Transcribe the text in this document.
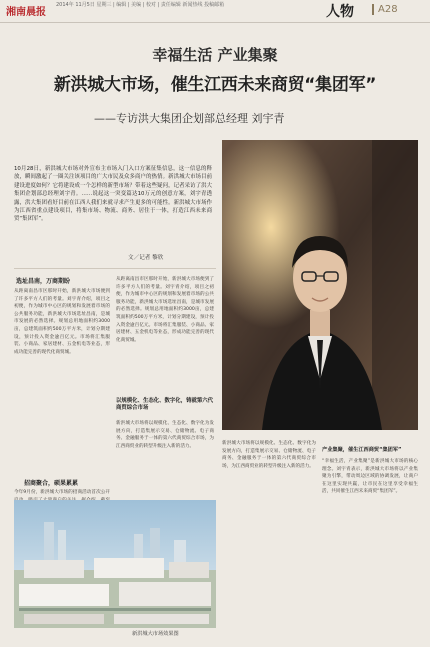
湘南晨报
2014年 11月5日 星期三 | 编辑 | 美编 | 校对 | 责任编辑 新闻热线 投稿邮箱	人物	A28
幸福生活 产业集聚
新洪城大市场，催生江西未来商贸“集团军”
——专访洪大集团企划部总经理 刘宇青
10月28日，新洪城大市场对外宣布主市场入门入口方案征集信息，这一信息的释放，瞬间激起了一圈关注该项目的广大市民及众多商户的热情。新洪城大市场目前建设进度如何？它将建设成一个怎样的新型市场？带着这些疑问，记者采访了洪大集团企划部总经理刘宇青。……说起这一突变篇达10万元的创意方案，刘宇青透露，洪大集团看好目前在江西人我们来就寻求产生更多的可能性。新洪城大市场作为江西省重点建设项目，将集市场、物流、商务、居住于一体，打造江西未来商贸“集团军”。
文／记者 黎欣
选址昌南，万商期盼
从距离南昌市区那时开始，新洪城大市场便到了许多平方人们的考量。刘宇青介绍，项目之初便，作为城市中心区的规划和发展着市场的公共服务功能，新洪城大市场选址昌南，是城市发展的必然选择。规划总用地面积约3000亩，总建筑面积约500万平方米，计划分期建设，预计投入资金逾百亿元。市场将汇集服装、小商品、家居建材、五金机电等业态，形成功能完善的现代化商贸城。
招商聚合，硕果累累
今年9月份，新洪城大市场的招商活动首次公开
从距离南昌市区那时开始，新洪城大市场便到了许多平方人们的考量。刘宇青介绍，项目之初便，作为城市中心区的规划和发展着市场的公共服务功能，新洪城大市场选址昌南，是城市发展的必然选择。规划总用地面积约3000亩，总建筑面积约500万平方米，计划分期建设，预计投入资金逾百亿元。市场将汇集服装、小商品、家居建材、五金机电等业态，形成功能完善的现代化商贸城。
以规模化、生态化、数字化，铸就第六代商贸综合市场
新洪城大市场将以规模化、生态化、数字化为发展方向，打造集展示交易、仓储物流、电子商务、金融服务于一体的第六代商贸综合市场，为江西商贸业的转型升级注入新的活力。
新洪城大市场将以规模化、生态化、数字化为发展方向，打造集展示交易、仓储物流、电子商务、金融服务于一体的第六代商贸综合市场，为江西商贸业的转型升级注入新的活力。
产业集聚，催生江西商贸“集团军”
“幸福生活，产业集聚”是新洪城大市场的核心理念。刘宇青表示，新洪城大市场将以产业集聚为引擎，带动周边区域的协调发展，让商户在这里实现共赢，让市民在这里享受幸福生活，共同催生江西未来商贸“集团军”。
新洪城大市场效果图
